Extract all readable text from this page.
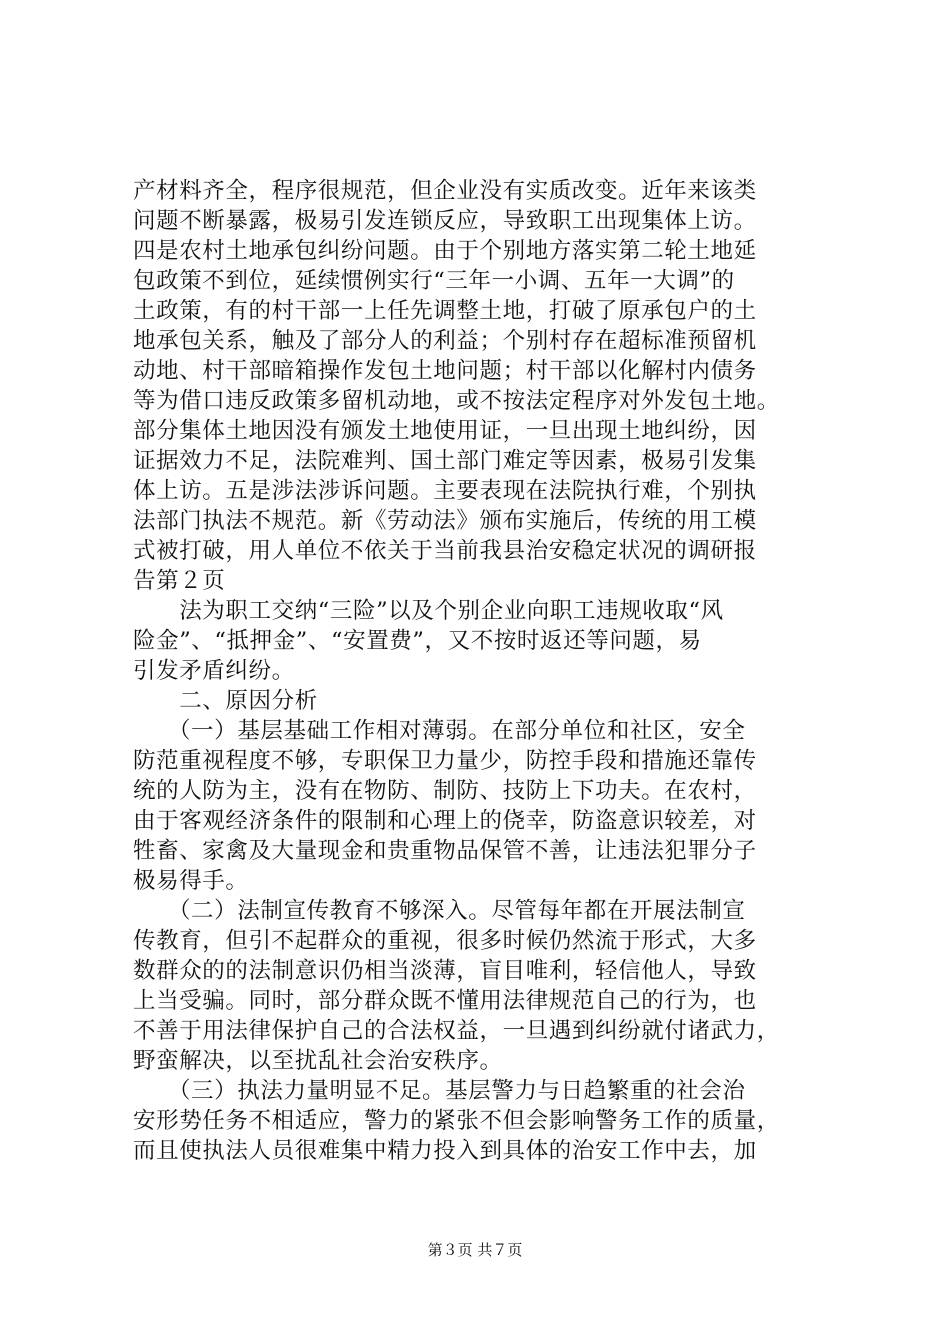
产材料齐全，程序很规范，但企业没有实质改变。近年来该类
问题不断暴露，极易引发连锁反应，导致职工出现集体上访。
四是农村土地承包纠纷问题。由于个别地方落实第二轮土地延
包政策不到位，延续惯例实行“三年一小调、五年一大调”的
土政策，有的村干部一上任先调整土地，打破了原承包户的土
地承包关系，触及了部分人的利益；个别村存在超标准预留机
动地、村干部暗箱操作发包土地问题；村干部以化解村内债务
等为借口违反政策多留机动地，或不按法定程序对外发包土地。
部分集体土地因没有颁发土地使用证，一旦出现土地纠纷，因
证据效力不足，法院难判、国土部门难定等因素，极易引发集
体上访。五是涉法涉诉问题。主要表现在法院执行难，个别执
法部门执法不规范。新《劳动法》颁布实施后，传统的用工模
式被打破，用人单位不依关于当前我县治安稳定状况的调研报
告第２页
　　法为职工交纳“三险”以及个别企业向职工违规收取“风
险金”、“抵押金”、“安置费”，又不按时返还等问题，易
引发矛盾纠纷。
　　二、原因分析
　　（一）基层基础工作相对薄弱。在部分单位和社区，安全
防范重视程度不够，专职保卫力量少，防控手段和措施还靠传
统的人防为主，没有在物防、制防、技防上下功夫。在农村，
由于客观经济条件的限制和心理上的侥幸，防盗意识较差，对
牲畜、家禽及大量现金和贵重物品保管不善，让违法犯罪分子
极易得手。
　　（二）法制宣传教育不够深入。尽管每年都在开展法制宣
传教育，但引不起群众的重视，很多时候仍然流于形式，大多
数群众的的法制意识仍相当淡薄，盲目唯利，轻信他人，导致
上当受骗。同时，部分群众既不懂用法律规范自己的行为，也
不善于用法律保护自己的合法权益，一旦遇到纠纷就付诸武力，
野蛮解决，以至扰乱社会治安秩序。
　　（三）执法力量明显不足。基层警力与日趋繁重的社会治
安形势任务不相适应，警力的紧张不但会影响警务工作的质量，
而且使执法人员很难集中精力投入到具体的治安工作中去，加
第３页 共７页
